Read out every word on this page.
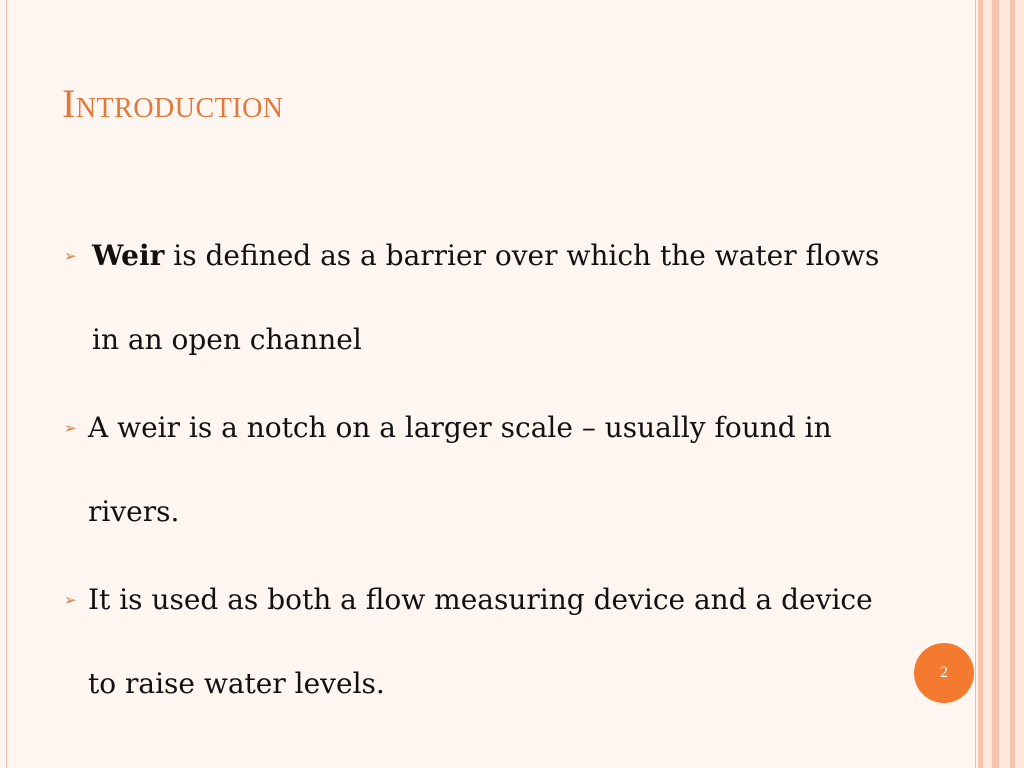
Introduction
➢ Weir is defined as a barrier over which the water flows in an open channel
➢ A weir is a notch on a larger scale – usually found in rivers.
➢ It is used as both a flow measuring device and a device to raise water levels.	2
